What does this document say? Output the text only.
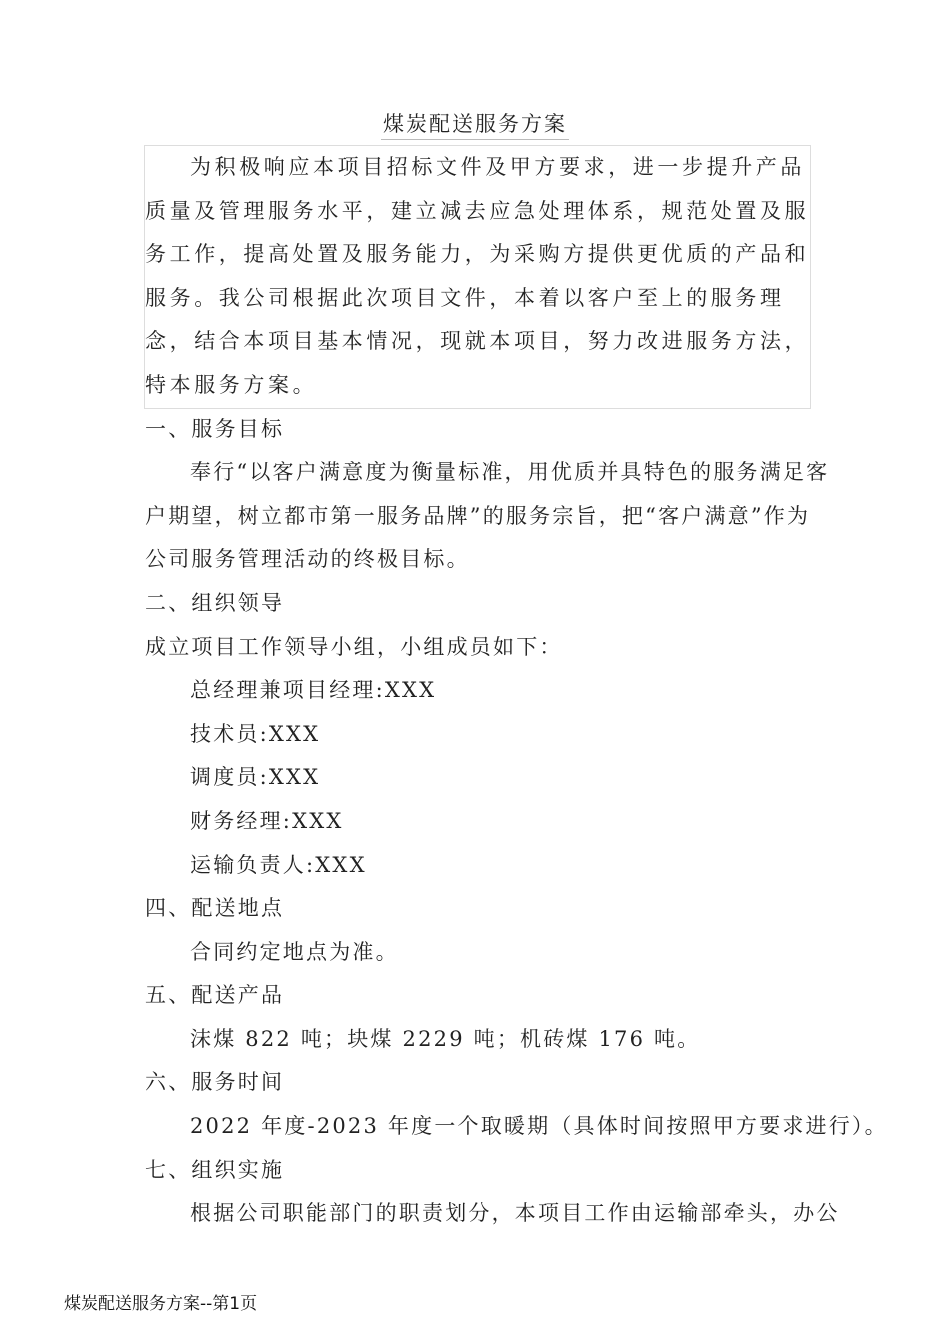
煤炭配送服务方案

为积极响应本项目招标文件及甲方要求，进一步提升产品质量及管理服务水平，建立减去应急处理体系，规范处置及服务工作，提高处置及服务能力，为采购方提供更优质的产品和服务。我公司根据此次项目文件，本着以客户至上的服务理念，结合本项目基本情况，现就本项目，努力改进服务方法，特本服务方案。

一、服务目标

奉行“以客户满意度为衡量标准，用优质并具特色的服务满足客

户期望，树立都市第一服务品牌”的服务宗旨，把“客户满意”作为

公司服务管理活动的终极目标。

二、组织领导

成立项目工作领导小组，小组成员如下：

总经理兼项目经理:XXX

技术员:XXX

调度员:XXX

财务经理:XXX

运输负责人:XXX

四、配送地点

合同约定地点为准。

五、配送产品

沫煤 822 吨；块煤 2229 吨；机砖煤 176 吨。

六、服务时间

2022 年度-2023 年度一个取暖期（具体时间按照甲方要求进行）。

七、组织实施

根据公司职能部门的职责划分，本项目工作由运输部牵头，办公

煤炭配送服务方案--第1页
